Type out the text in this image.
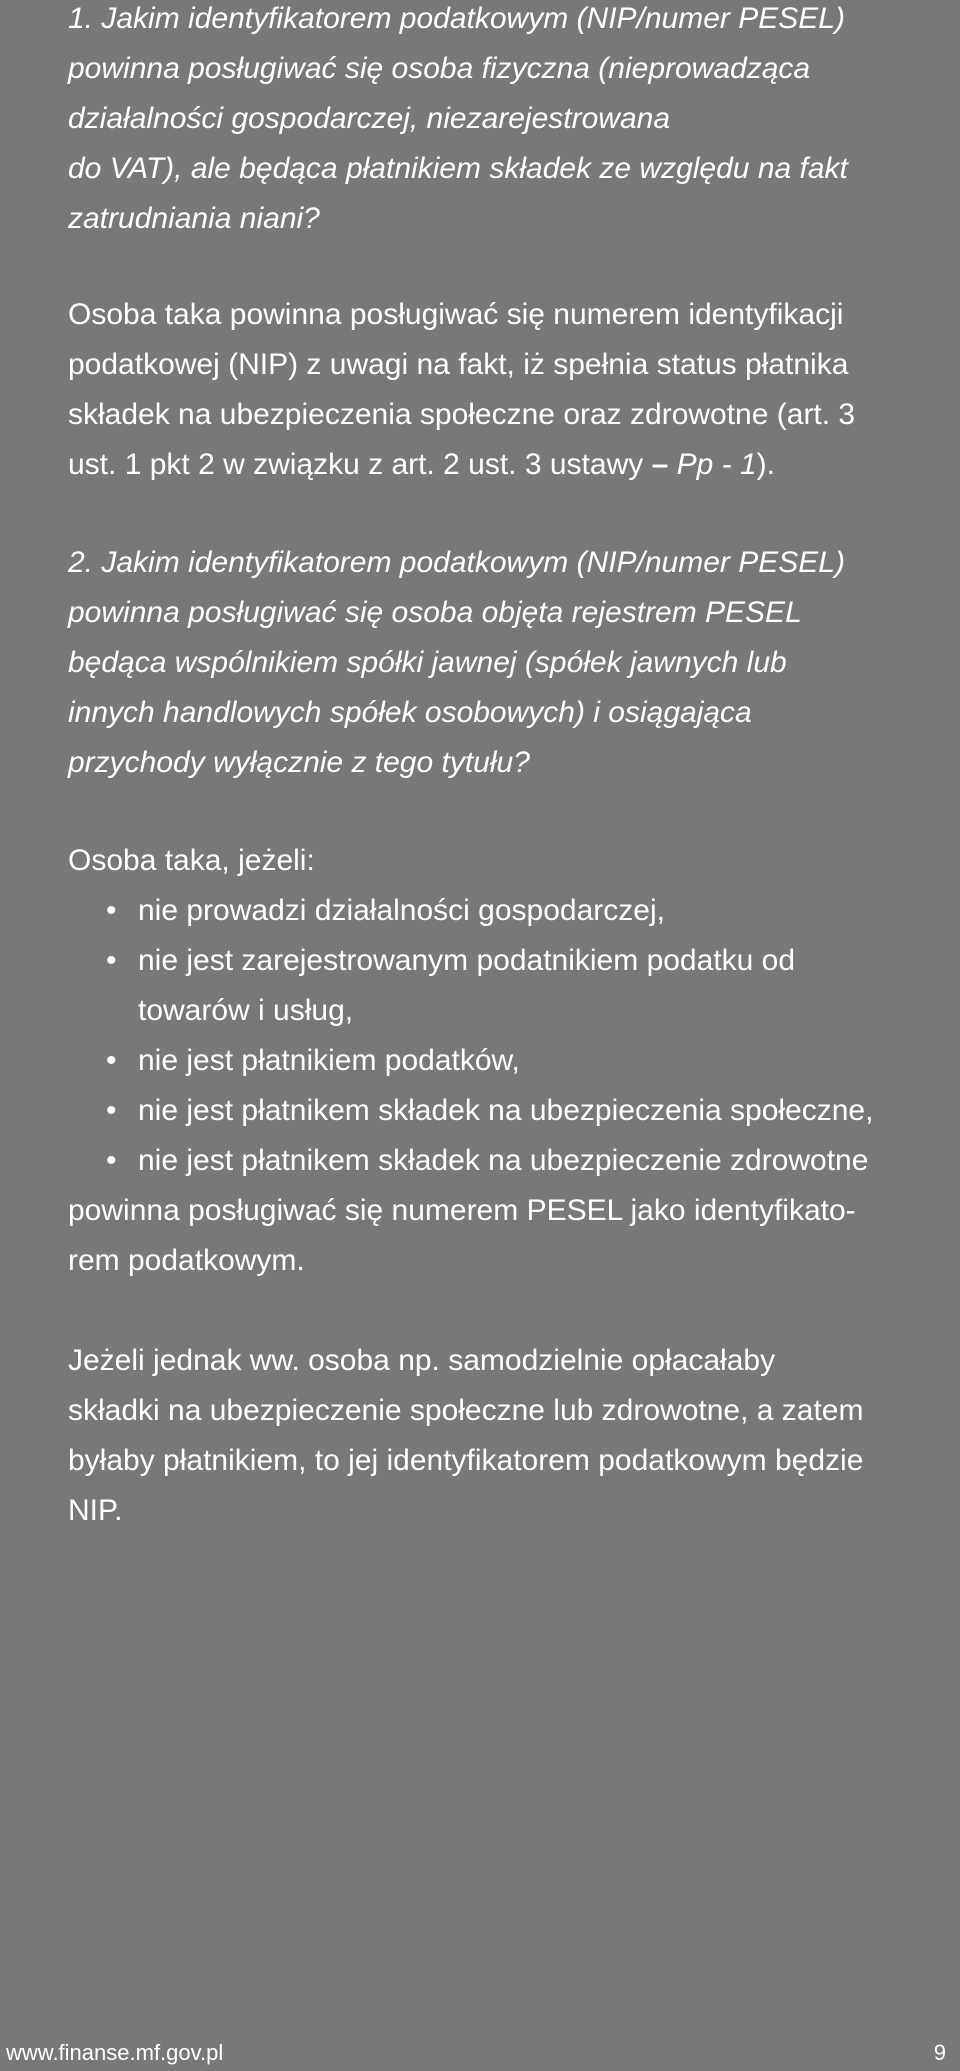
1. Jakim identyfikatorem podatkowym (NIP/numer PESEL)
powinna posługiwać się osoba fizyczna (nieprowadząca
działalności gospodarczej, niezarejestrowana
do VAT), ale będąca płatnikiem składek ze względu na fakt
zatrudniania niani?
Osoba taka powinna posługiwać się numerem identyfikacji
podatkowej (NIP) z uwagi na fakt, iż spełnia status płatnika
składek na ubezpieczenia społeczne oraz zdrowotne (art. 3
ust. 1 pkt 2 w związku z art. 2 ust. 3 ustawy – Pp - 1).
2. Jakim identyfikatorem podatkowym (NIP/numer PESEL)
powinna posługiwać się osoba objęta rejestrem PESEL
będąca wspólnikiem spółki jawnej (spółek jawnych lub
innych handlowych spółek osobowych) i osiągająca
przychody wyłącznie z tego tytułu?

Osoba taka, jeżeli:

• nie prowadzi działalności gospodarczej,
• nie jest zarejestrowanym podatnikiem podatku od
towarów i usług,
• nie jest płatnikiem podatków,
• nie jest płatnikem składek na ubezpieczenia społeczne,
• nie jest płatnikem składek na ubezpieczenie zdrowotne
powinna posługiwać się numerem PESEL jako identyfikato-
rem podatkowym.
Jeżeli jednak ww. osoba np. samodzielnie opłacałaby
składki na ubezpieczenie społeczne lub zdrowotne, a zatem
byłaby płatnikiem, to jej identyfikatorem podatkowym będzie
NIP.
www.finanse.mf.gov.pl	9
